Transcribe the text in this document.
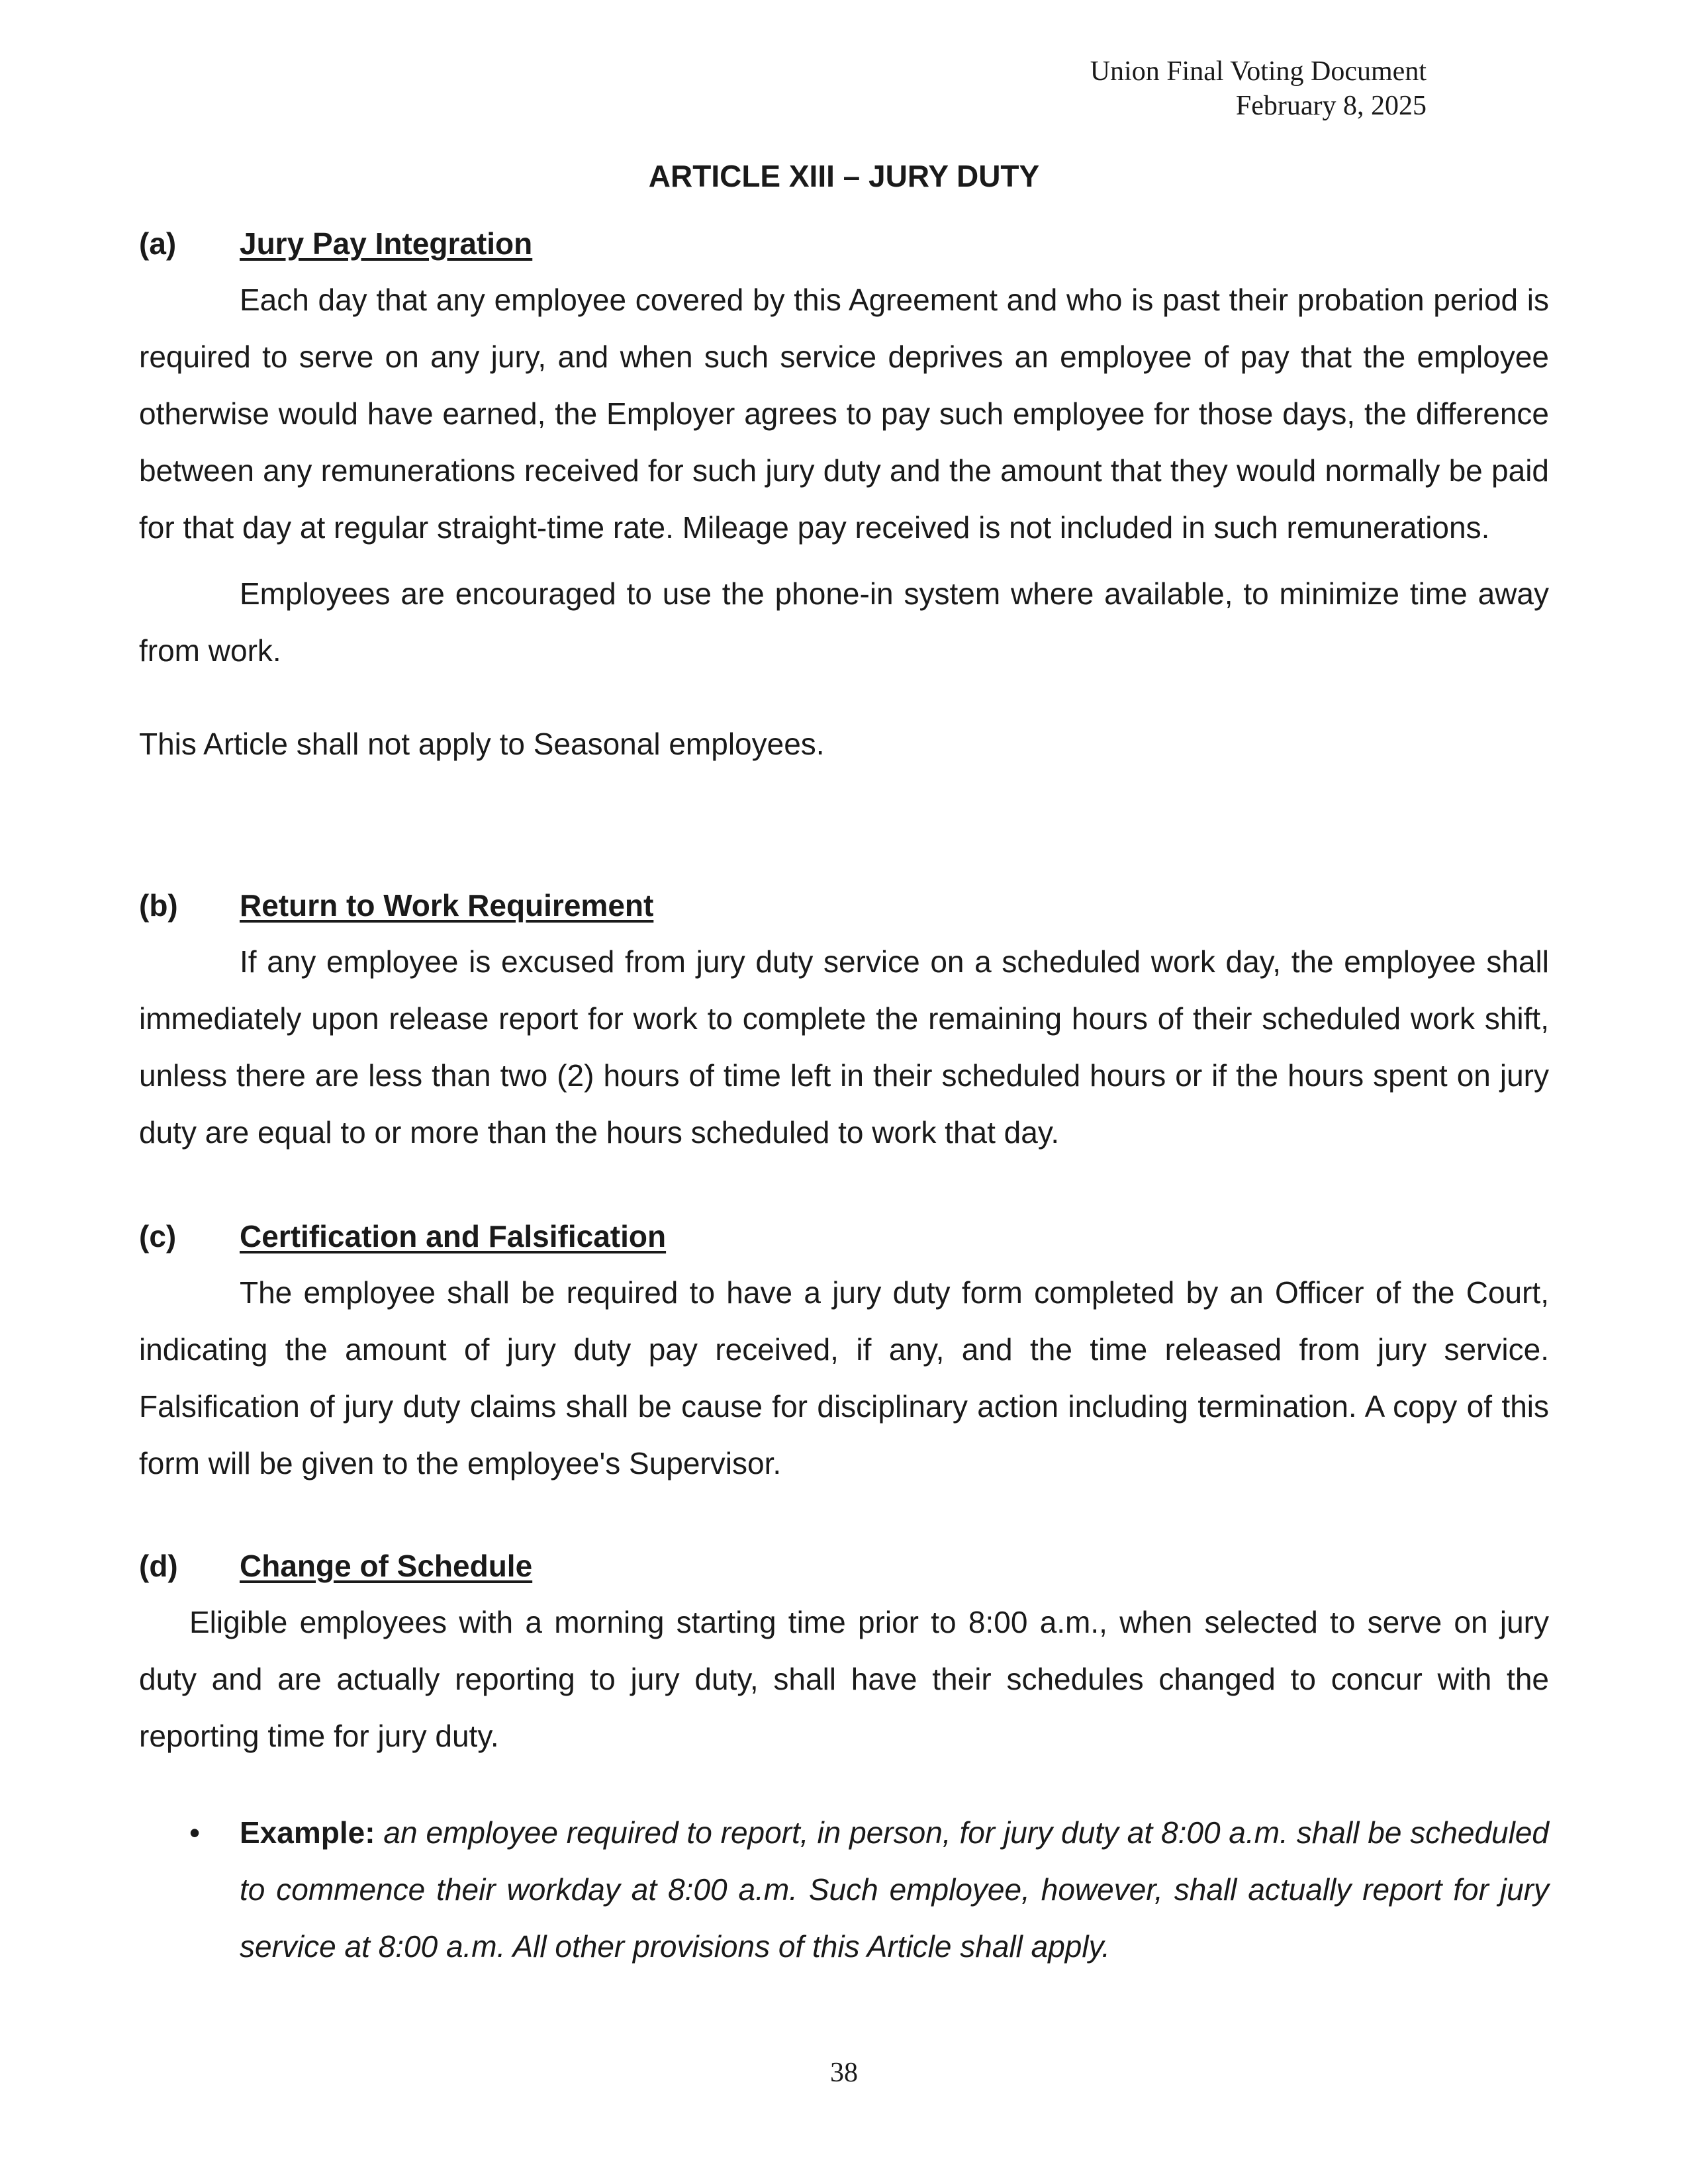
Union Final Voting Document
February 8, 2025
ARTICLE XIII – JURY DUTY
(a)	Jury Pay Integration

Each day that any employee covered by this Agreement and who is past their probation period is required to serve on any jury, and when such service deprives an employee of pay that the employee otherwise would have earned, the Employer agrees to pay such employee for those days, the difference between any remunerations received for such jury duty and the amount that they would normally be paid for that day at regular straight-time rate. Mileage pay received is not included in such remunerations.

Employees are encouraged to use the phone-in system where available, to minimize time away from work.

This Article shall not apply to Seasonal employees.

(b)	Return to Work Requirement

If any employee is excused from jury duty service on a scheduled work day, the employee shall immediately upon release report for work to complete the remaining hours of their scheduled work shift, unless there are less than two (2) hours of time left in their scheduled hours or if the hours spent on jury duty are equal to or more than the hours scheduled to work that day.

(c)	Certification and Falsification

The employee shall be required to have a jury duty form completed by an Officer of the Court, indicating the amount of jury duty pay received, if any, and the time released from jury service. Falsification of jury duty claims shall be cause for disciplinary action including termination. A copy of this form will be given to the employee's Supervisor.

(d)	Change of Schedule

Eligible employees with a morning starting time prior to 8:00 a.m., when selected to serve on jury duty and are actually reporting to jury duty, shall have their schedules changed to concur with the reporting time for jury duty.

•	Example: an employee required to report, in person, for jury duty at 8:00 a.m. shall be scheduled to commence their workday at 8:00 a.m. Such employee, however, shall actually report for jury service at 8:00 a.m. All other provisions of this Article shall apply.
38
